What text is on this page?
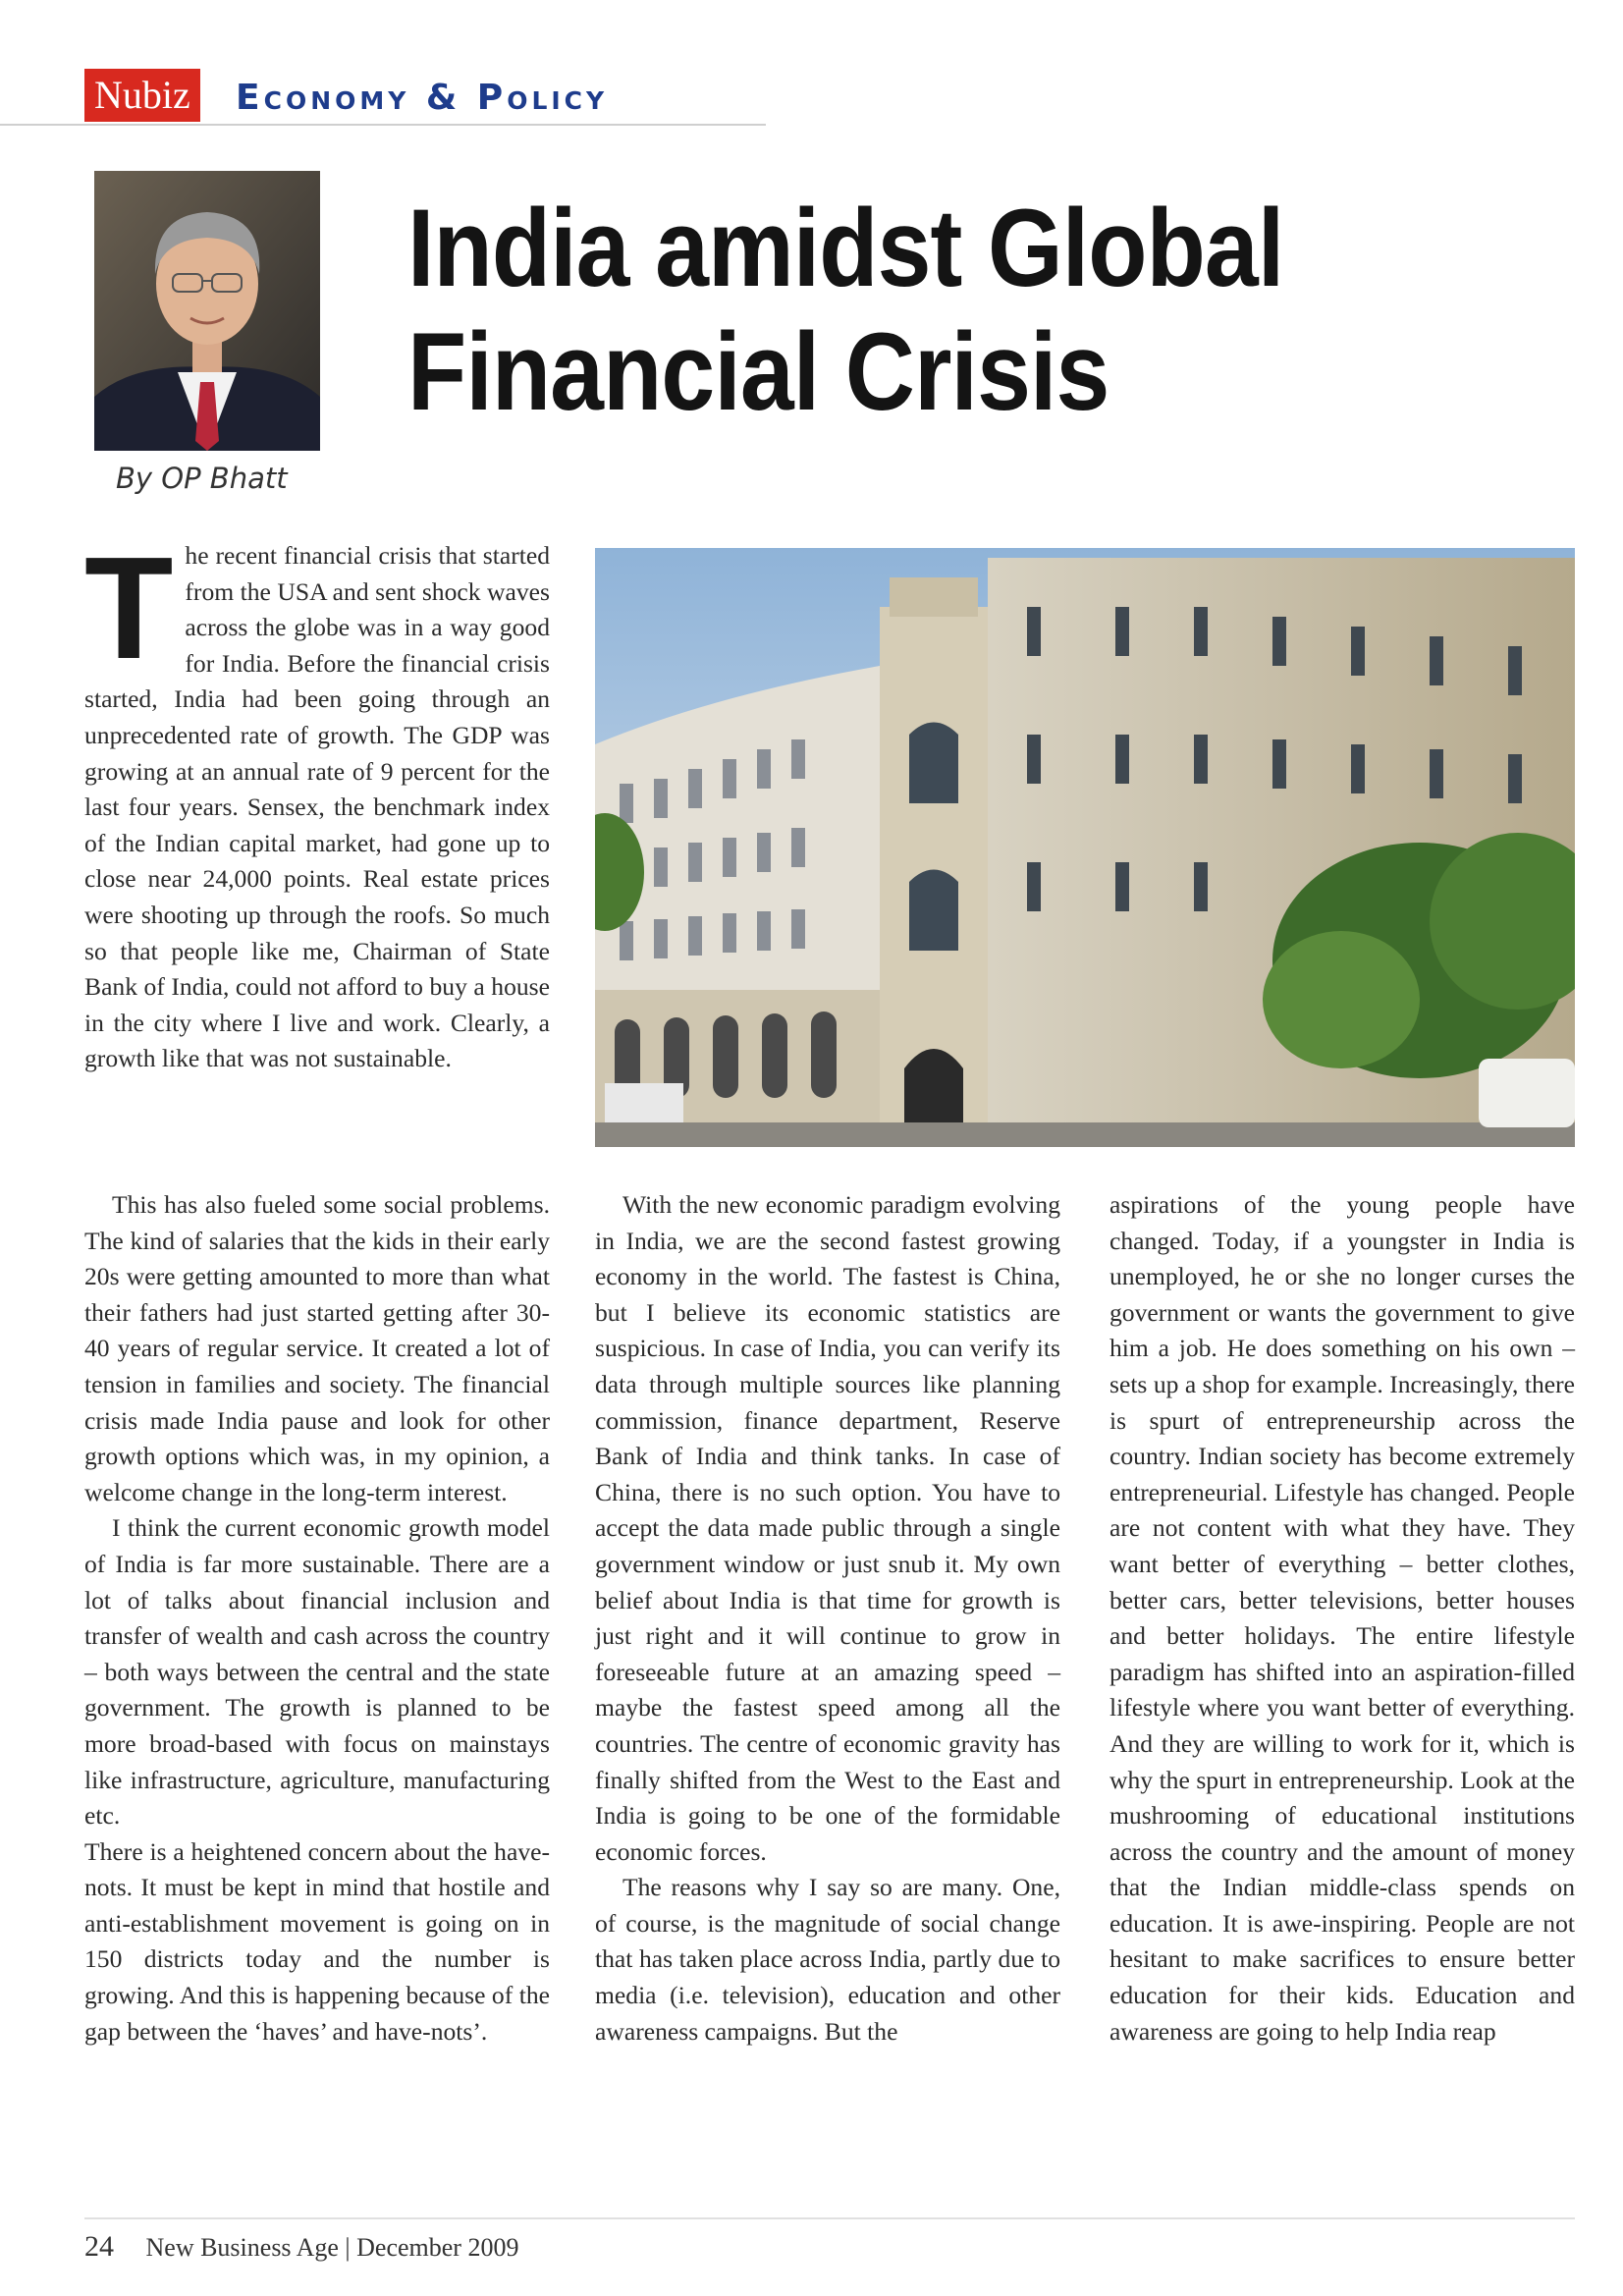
Nubiz Economy & Policy
By OP Bhatt
India amidst Global Financial Crisis

T he recent financial crisis that started from the USA and sent shock waves across the globe was in a way good for India. Before the financial crisis started, India had been going through an unprecedented rate of growth. The GDP was growing at an annual rate of 9 percent for the last four years. Sensex, the benchmark index of the Indian capital market, had gone up to close near 24,000 points. Real estate prices were shooting up through the roofs. So much so that people like me, Chairman of State Bank of India, could not afford to buy a house in the city where I live and work. Clearly, a growth like that was not sustainable.

This has also fueled some social problems. The kind of salaries that the kids in their early 20s were getting amounted to more than what their fathers had just started getting after 30-40 years of regular service. It created a lot of tension in families and society. The financial crisis made India pause and look for other growth options which was, in my opinion, a welcome change in the long-term interest.

I think the current economic growth model of India is far more sustainable. There are a lot of talks about financial inclusion and transfer of wealth and cash across the country – both ways between the central and the state government. The growth is planned to be more broad-based with focus on mainstays like infrastructure, agriculture, manufacturing etc.

There is a heightened concern about the have-nots. It must be kept in mind that hostile and anti-establishment movement is going on in 150 districts today and the number is growing. And this is happening because of the gap between the ‘haves’ and have-nots’.

With the new economic paradigm evolving in India, we are the second fastest growing economy in the world. The fastest is China, but I believe its economic statistics are suspicious. In case of India, you can verify its data through multiple sources like planning commission, finance department, Reserve Bank of India and think tanks. In case of China, there is no such option. You have to accept the data made public through a single government window or just snub it. My own belief about India is that time for growth is just right and it will continue to grow in foreseeable future at an amazing speed – maybe the fastest speed among all the countries. The centre of economic gravity has finally shifted from the West to the East and India is going to be one of the formidable economic forces.

The reasons why I say so are many. One, of course, is the magnitude of social change that has taken place across India, partly due to media (i.e. television), education and other awareness campaigns. But the

aspirations of the young people have changed. Today, if a youngster in India is unemployed, he or she no longer curses the government or wants the government to give him a job. He does something on his own – sets up a shop for example. Increasingly, there is spurt of entrepreneurship across the country. Indian society has become extremely entrepreneurial. Lifestyle has changed. People are not content with what they have. They want better of everything – better clothes, better cars, better televisions, better houses and better holidays. The entire lifestyle paradigm has shifted into an aspiration-filled lifestyle where you want better of everything. And they are willing to work for it, which is why the spurt in entrepreneurship. Look at the mushrooming of educational institutions across the country and the amount of money that the Indian middle-class spends on education. It is awe-inspiring. People are not hesitant to make sacrifices to ensure better education for their kids. Education and awareness are going to help India reap

24 New Business Age | December 2009
